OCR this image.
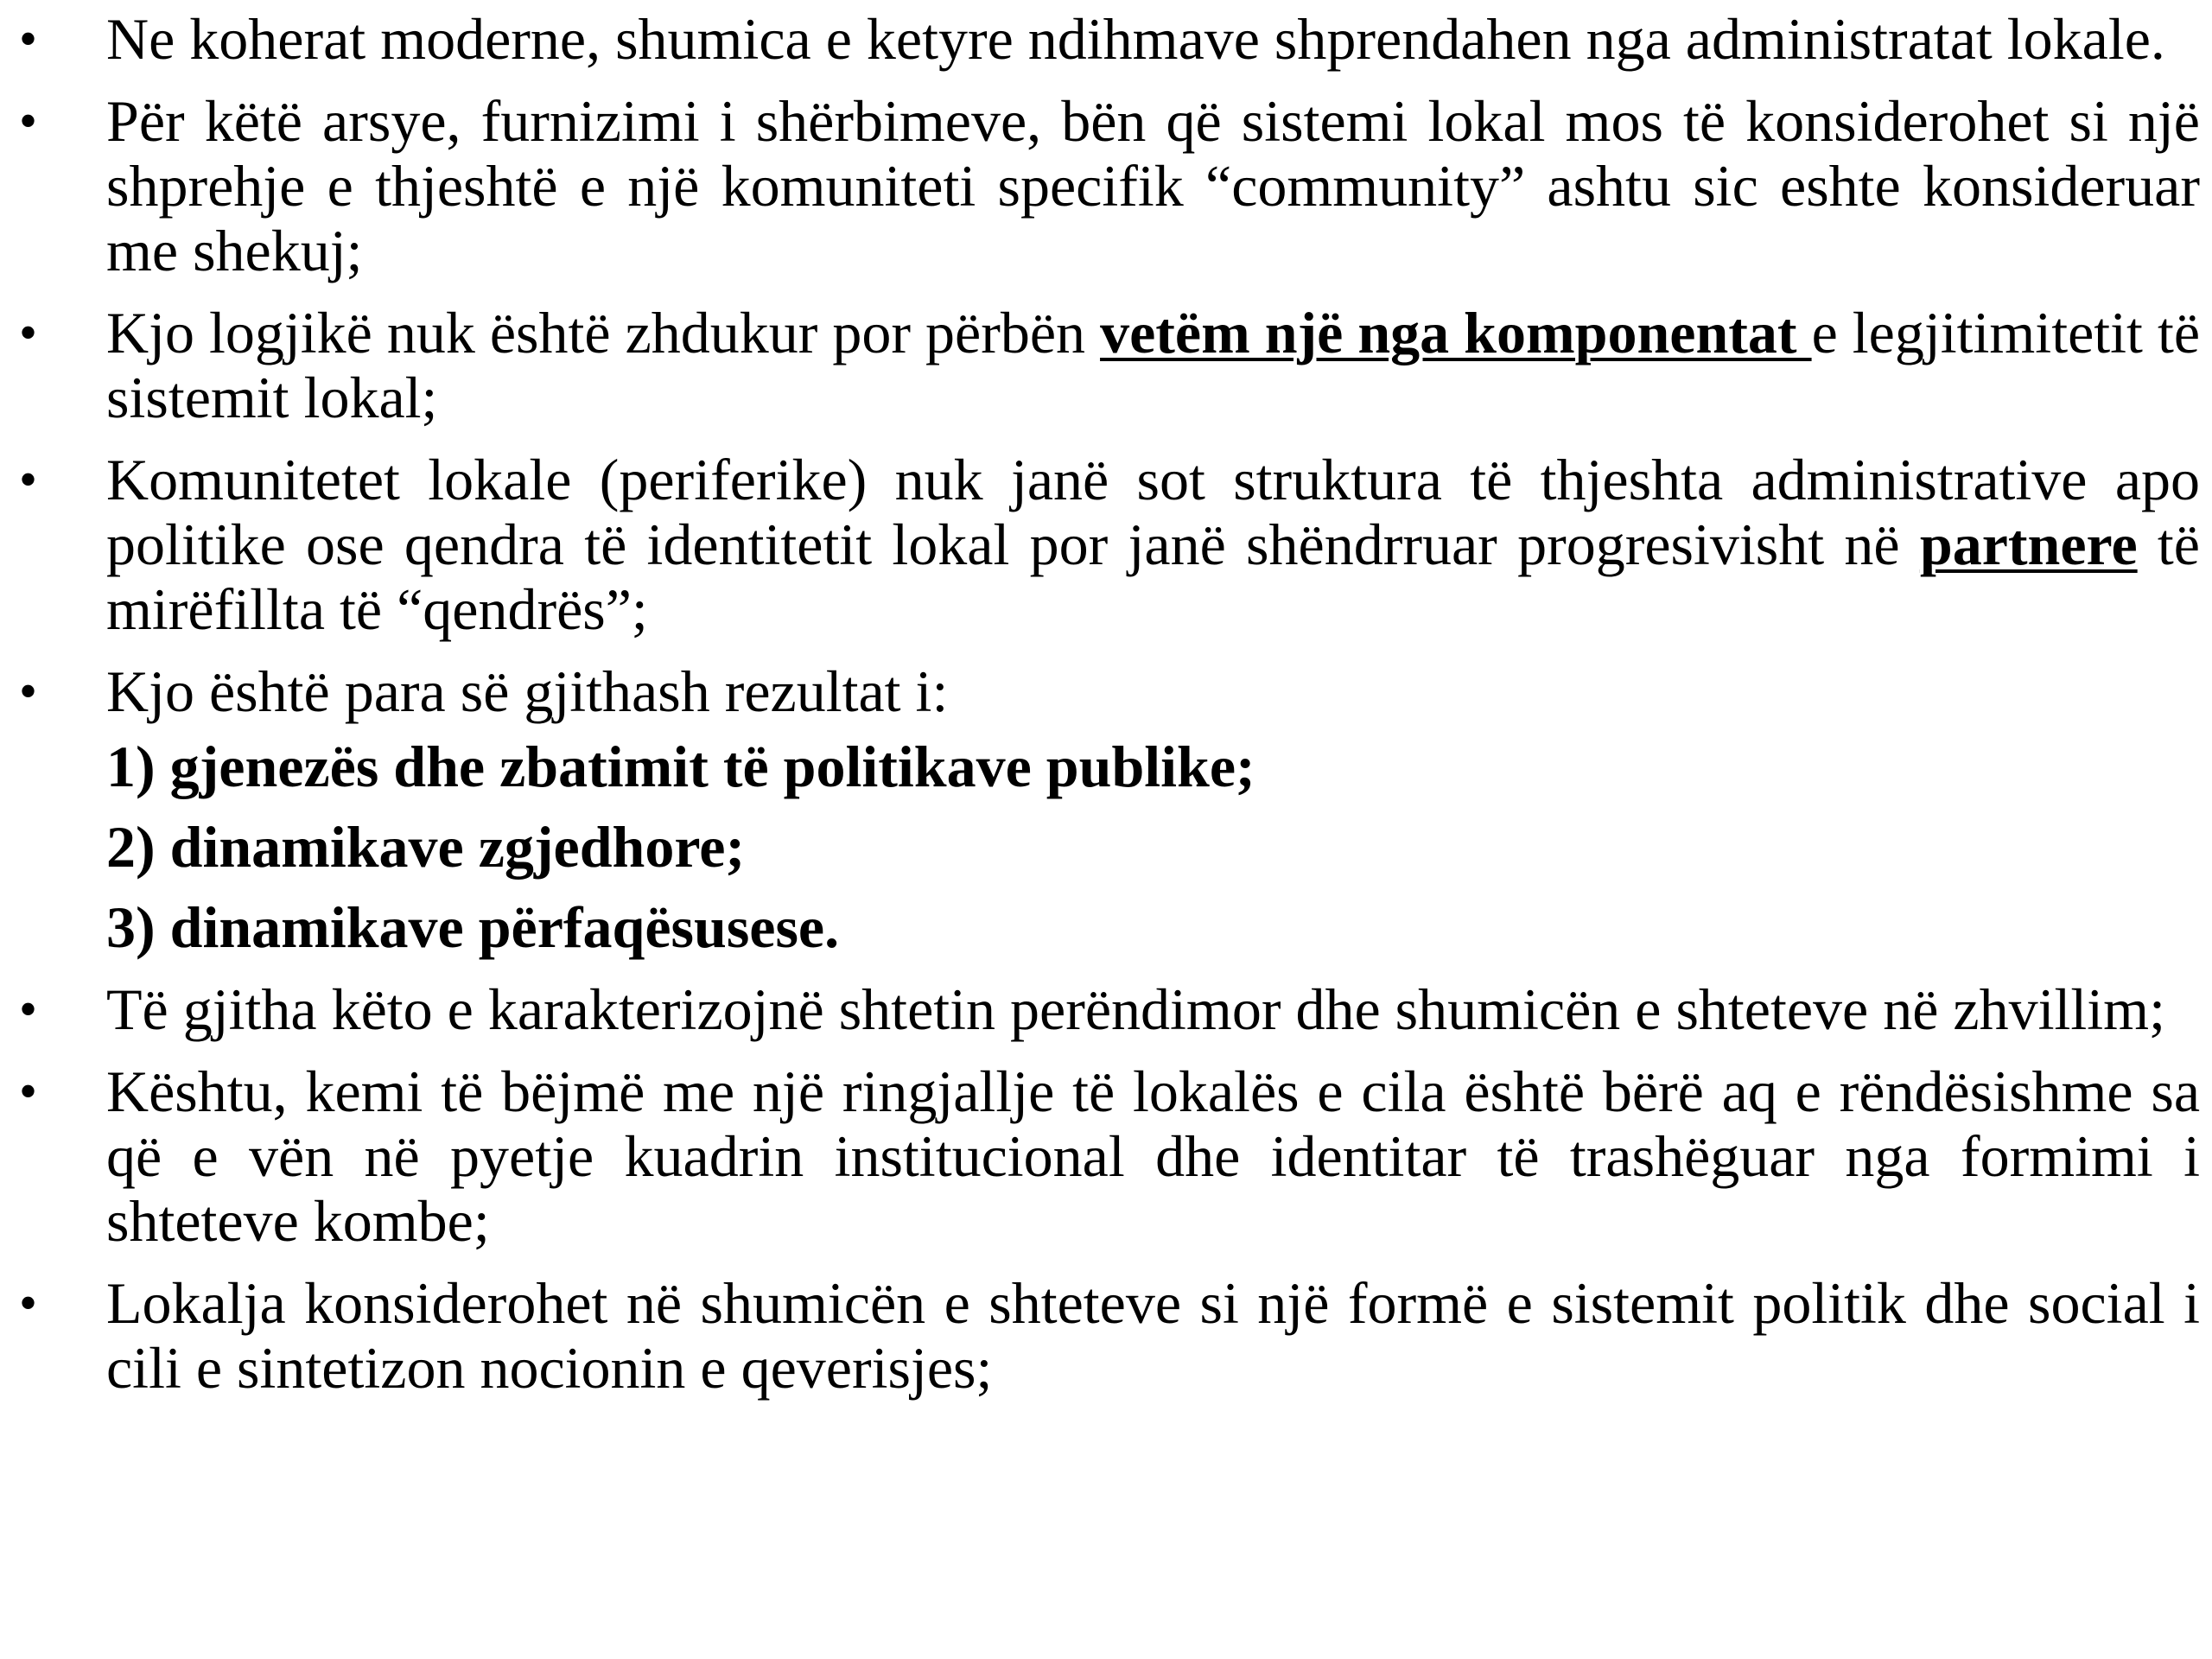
• Ne koherat moderne, shumica e ketyre ndihmave shprendahen nga administratat lokale.
• Për këtë arsye, furnizimi i shërbimeve, bën që sistemi lokal mos të konsiderohet si një shprehje e thjeshtë e një komuniteti specifik “community” ashtu sic eshte konsideruar me shekuj;
• Kjo logjikë nuk është zhdukur por përbën vetëm një nga komponentat e legjitimitetit të sistemit lokal;
• Komunitetet lokale (periferike) nuk janë sot struktura të thjeshta administrative apo politike ose qendra të identitetit lokal por janë shëndrruar progresivisht në partnere të mirëfillta të “qendrës”;
• Kjo është para së gjithash rezultat i:
1) gjenezës dhe zbatimit të politikave publike;
2) dinamikave zgjedhore;
3) dinamikave përfaqësusese.
• Të gjitha këto e karakterizojnë shtetin perëndimor dhe shumicën e shteteve në zhvillim;
• Kështu, kemi të bëjmë me një ringjallje të lokalës e cila është bërë aq e rëndësishme sa që e vën në pyetje kuadrin institucional dhe identitar të trashëguar nga formimi i shteteve kombe;
• Lokalja konsiderohet në shumicën e shteteve si një formë e sistemit politik dhe social i cili e sintetizon nocionin e qeverisjes;
